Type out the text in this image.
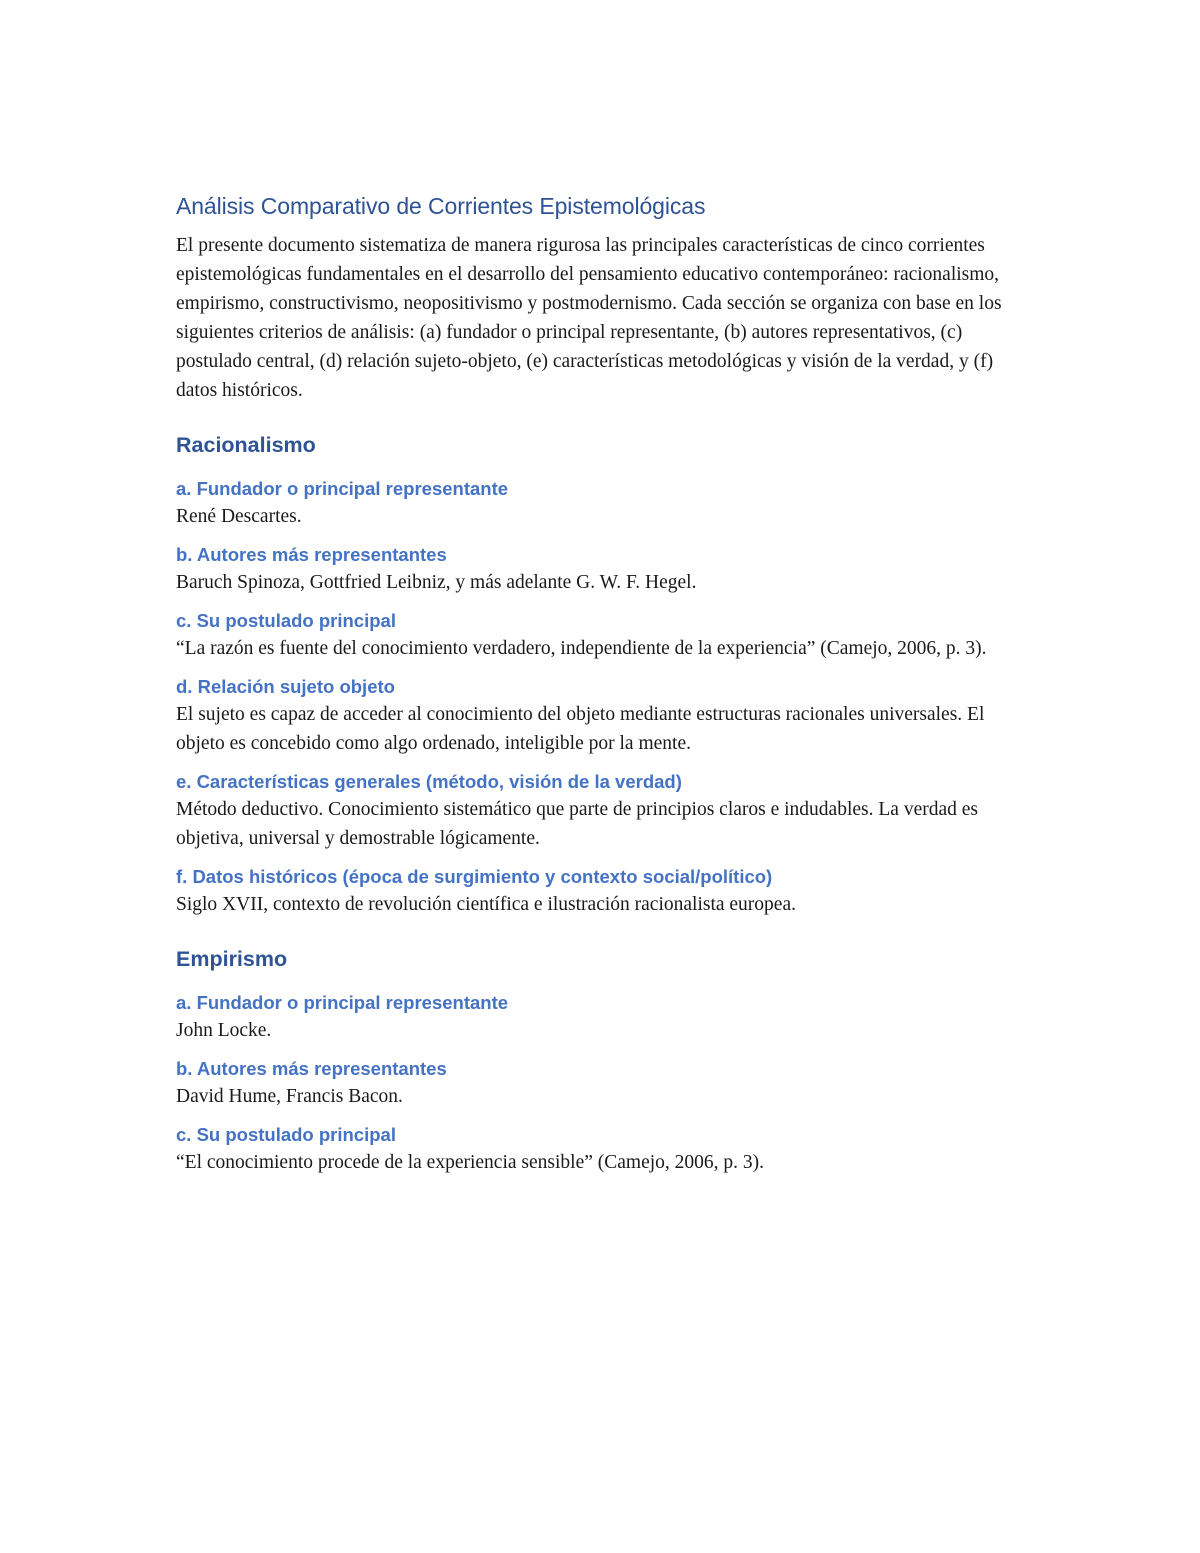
Análisis Comparativo de Corrientes Epistemológicas

El presente documento sistematiza de manera rigurosa las principales características de cinco corrientes epistemológicas fundamentales en el desarrollo del pensamiento educativo contemporáneo: racionalismo, empirismo, constructivismo, neopositivismo y postmodernismo. Cada sección se organiza con base en los siguientes criterios de análisis: (a) fundador o principal representante, (b) autores representativos, (c) postulado central, (d) relación sujeto-objeto, (e) características metodológicas y visión de la verdad, y (f) datos históricos.

Racionalismo
a. Fundador o principal representante

René Descartes.

b. Autores más representantes

Baruch Spinoza, Gottfried Leibniz, y más adelante G. W. F. Hegel.

c. Su postulado principal

“La razón es fuente del conocimiento verdadero, independiente de la experiencia” (Camejo, 2006, p. 3).

d. Relación sujeto objeto

El sujeto es capaz de acceder al conocimiento del objeto mediante estructuras racionales universales. El objeto es concebido como algo ordenado, inteligible por la mente.

e. Características generales (método, visión de la verdad)

Método deductivo. Conocimiento sistemático que parte de principios claros e indudables. La verdad es objetiva, universal y demostrable lógicamente.

f. Datos históricos (época de surgimiento y contexto social/político)

Siglo XVII, contexto de revolución científica e ilustración racionalista europea.

Empirismo
a. Fundador o principal representante

John Locke.

b. Autores más representantes

David Hume, Francis Bacon.

c. Su postulado principal

“El conocimiento procede de la experiencia sensible” (Camejo, 2006, p. 3).
